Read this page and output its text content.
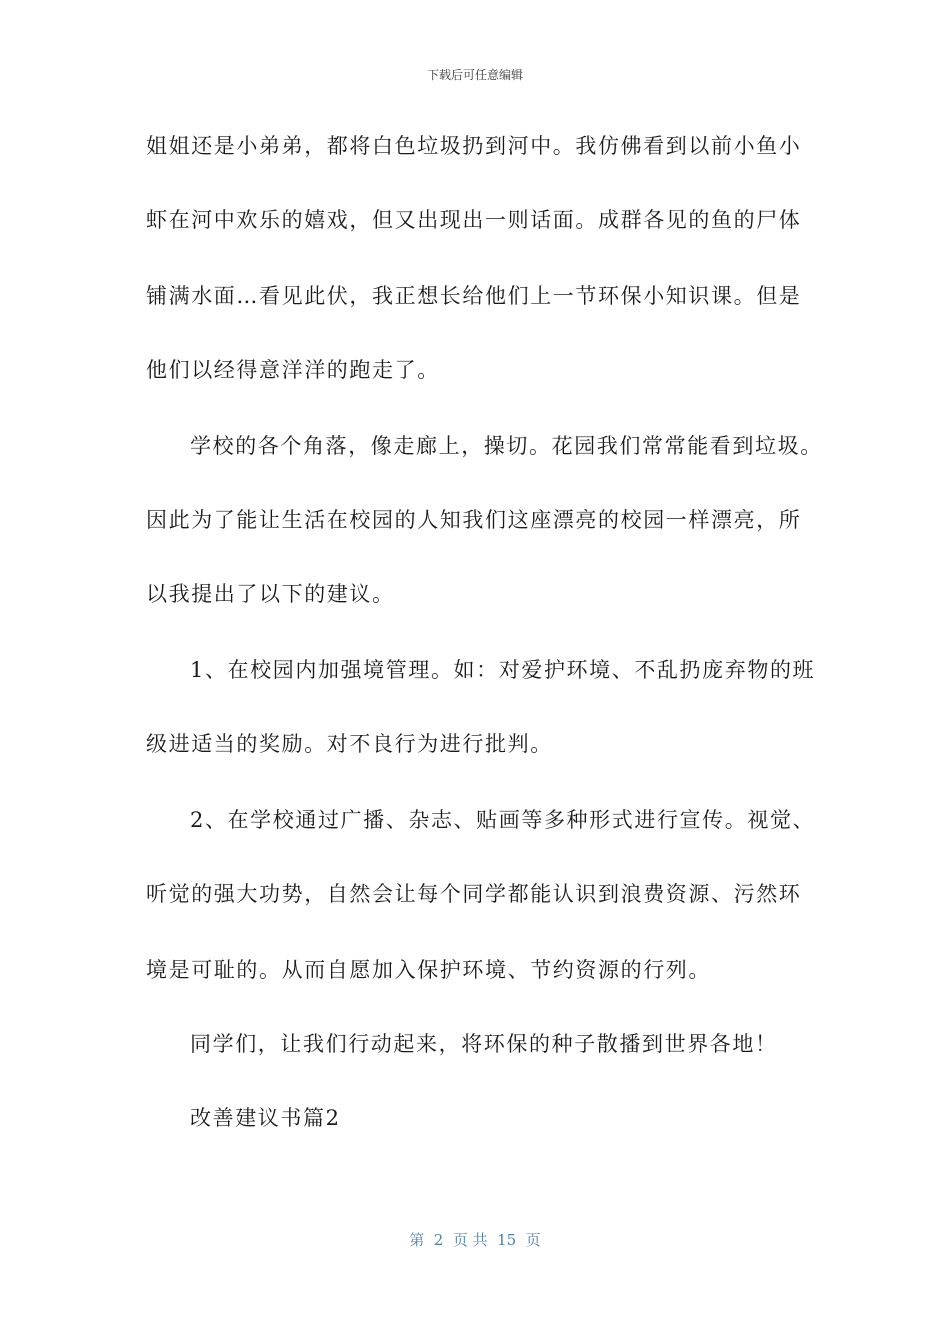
下载后可任意编辑
姐姐还是小弟弟，都将白色垃圾扔到河中。我仿佛看到以前小鱼小
虾在河中欢乐的嬉戏，但又出现出一则话面。成群各见的鱼的尸体
铺满水面…看见此伏，我正想长给他们上一节环保小知识课。但是
他们以经得意洋洋的跑走了。
学校的各个角落，像走廊上，操切。花园我们常常能看到垃圾。
因此为了能让生活在校园的人知我们这座漂亮的校园一样漂亮，所
以我提出了以下的建议。
1、在校园内加强境管理。如：对爱护环境、不乱扔庞弃物的班
级进适当的奖励。对不良行为进行批判。
2、在学校通过广播、杂志、贴画等多种形式进行宣传。视觉、
听觉的强大功势，自然会让每个同学都能认识到浪费资源、污然环
境是可耻的。从而自愿加入保护环境、节约资源的行列。
同学们，让我们行动起来，将环保的种子散播到世界各地！
改善建议书篇2
第  2  页 共  15  页
